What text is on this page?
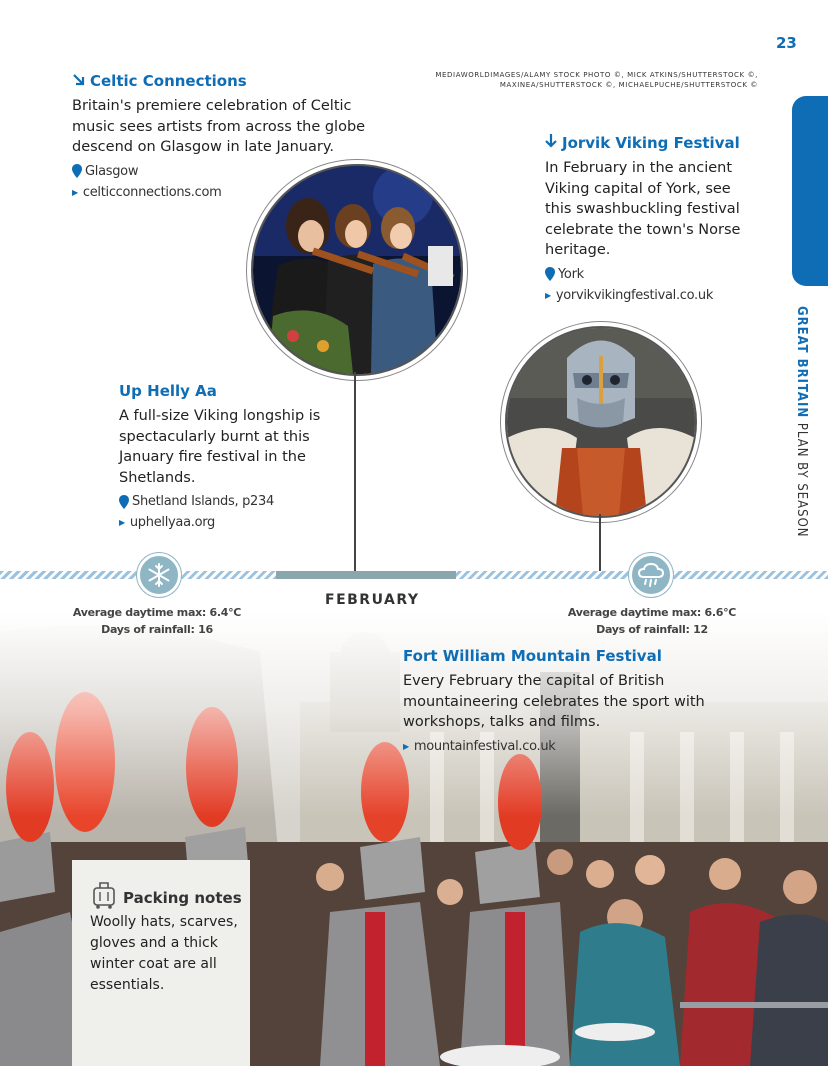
23
MEDIAWORLDIMAGES/ALAMY STOCK PHOTO ©, MICK ATKINS/SHUTTERSTOCK ©, MAXINEA/SHUTTERSTOCK ©, MICHAELPUCHE/SHUTTERSTOCK ©
GREAT BRITAIN PLAN BY SEASON
Celtic Connections
Britain's premiere celebration of Celtic music sees artists from across the globe descend on Glasgow in late January.
Glasgow
▶ celticconnections.com
Jorvik Viking Festival
In February in the ancient Viking capital of York, see this swashbuckling festival celebrate the town's Norse heritage.
York
▶ yorvikvikingfestival.co.uk
Up Helly Aa
A full-size Viking longship is spectacularly burnt at this January fire festival in the Shetlands.
Shetland Islands, p234
▶ uphellyaa.org
FEBRUARY
Average daytime max: 6.4°C
Days of rainfall: 16
Average daytime max: 6.6°C
Days of rainfall: 12
Fort William Mountain Festival
Every February the capital of British mountaineering celebrates the sport with workshops, talks and films.
▶ mountainfestival.co.uk
Packing notes
Woolly hats, scarves, gloves and a thick winter coat are all essentials.
